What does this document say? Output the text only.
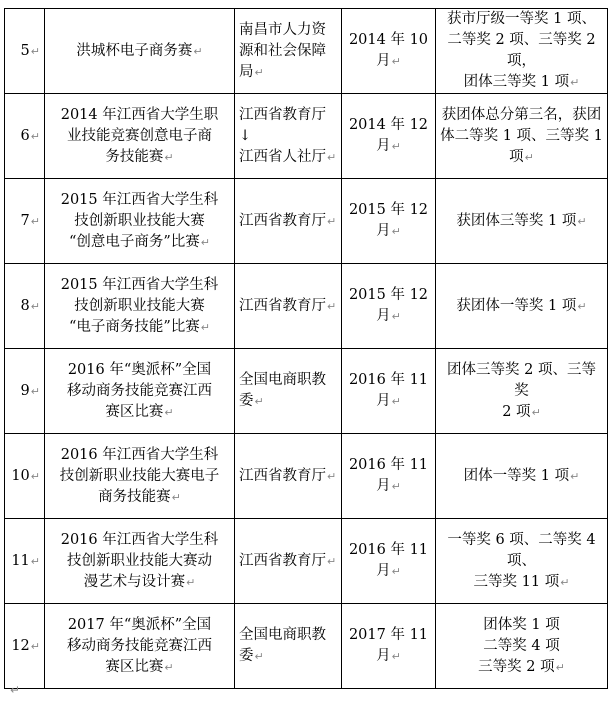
5↵	洪城杯电子商务赛↵	南昌市人力资
源和社会保障
局↵	2014 年 10
月↵	获市厅级一等奖 1 项、
二等奖 2 项、三等奖 2 项，
团体三等奖 1 项↵
6↵	2014 年江西省大学生职
业技能竞赛创意电子商
务技能赛↵	江西省教育厅↓
江西省人社厅↵	2014 年 12
月↵	获团体总分第三名，获团
体二等奖 1 项、三等奖 1
项↵
7↵	2015 年江西省大学生科
技创新职业技能大赛
“创意电子商务”比赛↵	江西省教育厅↵	2015 年 12
月↵	获团体三等奖 1 项↵
8↵	2015 年江西省大学生科
技创新职业技能大赛
“电子商务技能”比赛↵	江西省教育厅↵	2015 年 12
月↵	获团体一等奖 1 项↵
9↵	2016 年“奥派杯”全国
移动商务技能竞赛江西
赛区比赛↵	全国电商职教
委↵	2016 年 11
月↵	团体三等奖 2 项、三等奖
2 项↵
10↵	2016 年江西省大学生科
技创新职业技能大赛电子
商务技能赛↵	江西省教育厅↵	2016 年 11
月↵	团体一等奖 1 项↵
11↵	2016 年江西省大学生科
技创新职业技能大赛动
漫艺术与设计赛↵	江西省教育厅↵	2016 年 11
月↵	一等奖 6 项、二等奖 4 项、
三等奖 11 项↵
12↵	2017 年“奥派杯”全国
移动商务技能竞赛江西
赛区比赛↵	全国电商职教
委↵	2017 年 11
月↵	团体奖 1 项
二等奖 4 项
三等奖 2 项↵
↵
